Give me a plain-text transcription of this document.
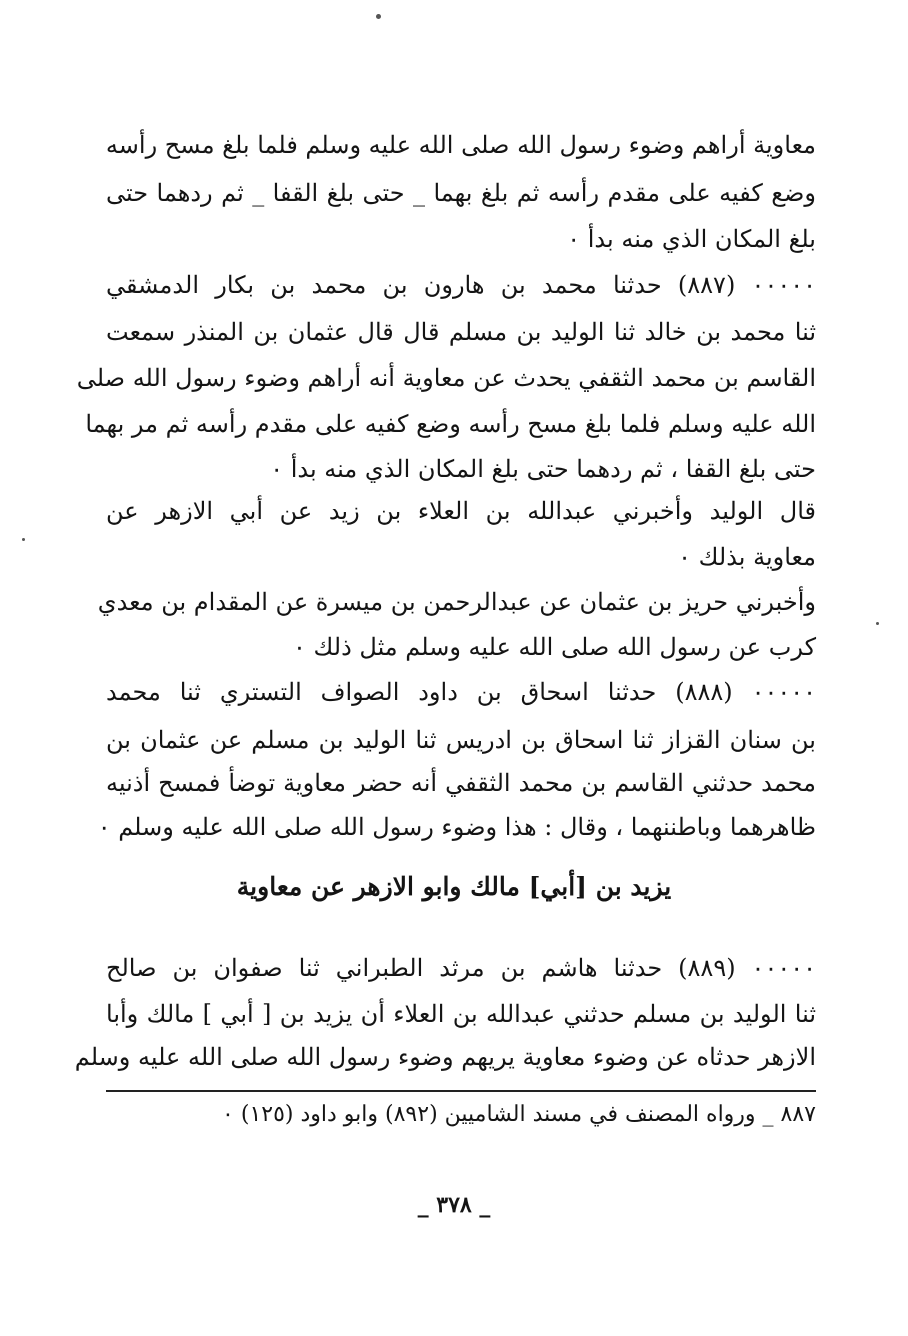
معاوية أراهم وضوء رسول الله صلى الله عليه وسلم فلما بلغ مسح رأسه
وضع كفيه على مقدم رأسه ثم بلغ بهما _ حتى بلغ القفا _ ثم ردهما حتى
بلغ المكان الذي منه بدأ ٠
٠٠٠٠٠ (٨٨٧) حدثنا محمد بن هارون بن محمد بن بكار الدمشقي
ثنا محمد بن خالد ثنا الوليد بن مسلم قال قال عثمان بن المنذر سمعت
القاسم بن محمد الثقفي يحدث عن معاوية أنه أراهم وضوء رسول الله صلى
الله عليه وسلم فلما بلغ مسح رأسه وضع كفيه على مقدم رأسه ثم مر بهما
حتى بلغ القفا ، ثم ردهما حتى بلغ المكان الذي منه بدأ ٠
قال الوليد وأخبرني عبدالله بن العلاء بن زيد عن أبي الازهر عن
معاوية بذلك ٠
وأخبرني حريز بن عثمان عن عبدالرحمن بن ميسرة عن المقدام بن معدي
كرب عن رسول الله صلى الله عليه وسلم مثل ذلك ٠
٠٠٠٠٠ (٨٨٨) حدثنا اسحاق بن داود الصواف التستري ثنا محمد
بن سنان القزاز ثنا اسحاق بن ادريس ثنا الوليد بن مسلم عن عثمان بن
محمد حدثني القاسم بن محمد الثقفي أنه حضر معاوية توضأ فمسح أذنيه
ظاهرهما وباطننهما ، وقال : هذا وضوء رسول الله صلى الله عليه وسلم ٠
يزيد بن [أبي] مالك وابو الازهر عن معاوية
٠٠٠٠٠ (٨٨٩) حدثنا هاشم بن مرثد الطبراني ثنا صفوان بن صالح
ثنا الوليد بن مسلم حدثني عبدالله بن العلاء أن يزيد بن [ أبي ] مالك وأبا
الازهر حدثاه عن وضوء معاوية يريهم وضوء رسول الله صلى الله عليه وسلم
٨٨٧ _ ورواه المصنف في مسند الشاميين (٨٩٢) وابو داود (١٢٥) ٠
_ ٣٧٨ _
